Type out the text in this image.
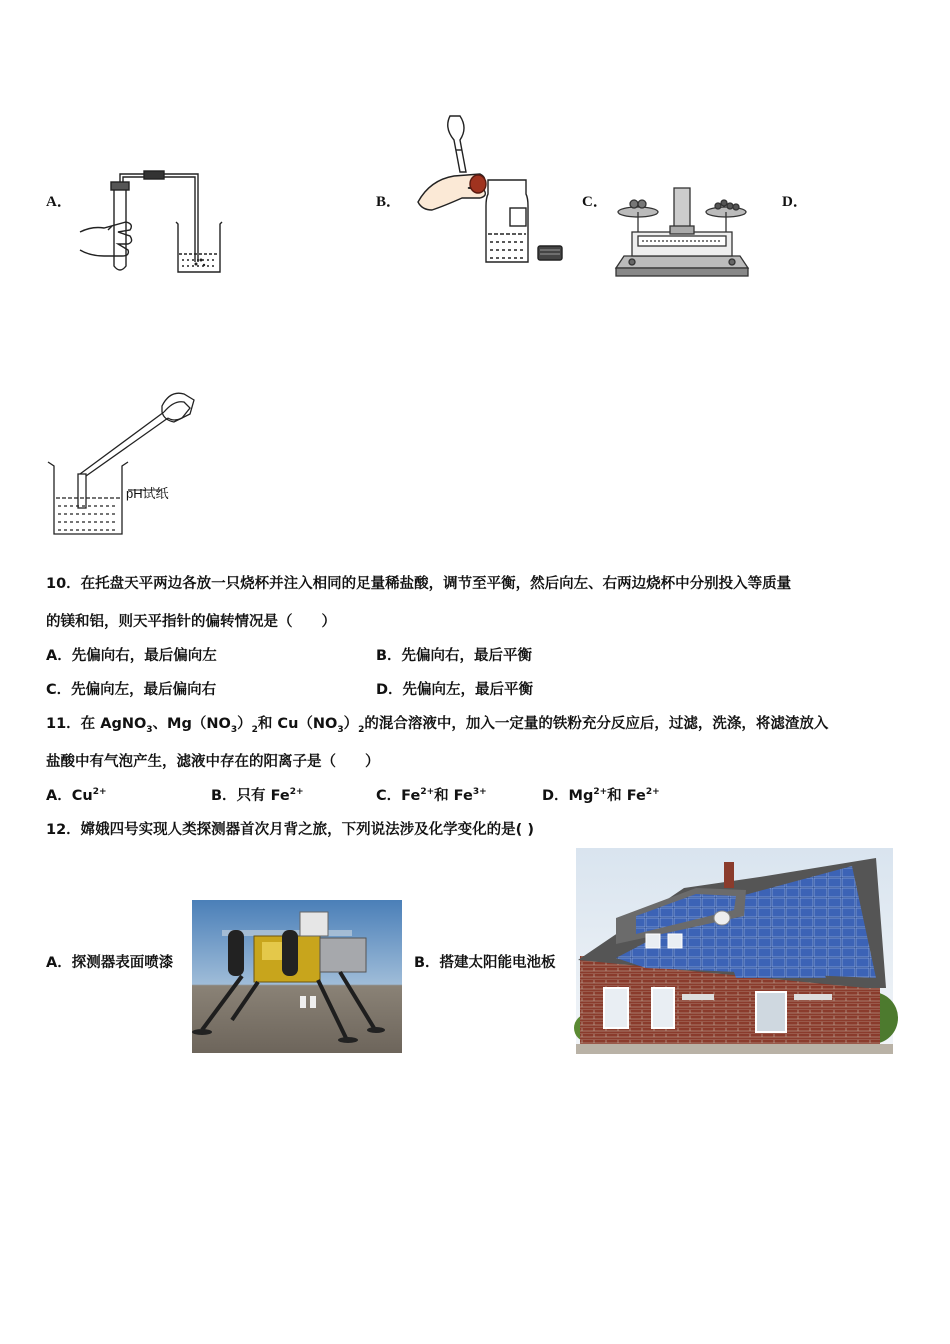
A．	B．	C．	D．
pH试纸
10．在托盘天平两边各放一只烧杯并注入相同的足量稀盐酸，调节至平衡，然后向左、右两边烧杯中分别投入等质量
的镁和铝，则天平指针的偏转情况是（　　）
A．先偏向右，最后偏向左	B．先偏向右，最后平衡
C．先偏向左，最后偏向右	D．先偏向左，最后平衡
11．在 AgNO$_3$、$Mg(NO_3)_2$和 $Cu(NO_3)_2$的混合溶液中，加入一定量的铁粉充分反应后，过滤，洗涤，将滤渣放入
盐酸中有气泡产生，滤液中存在的阳离子是（　　）
A．$Cu^{2+}$	B．只有 $Fe^{2+}$	C．$Fe^{2+}$和 $Fe^{3+}$	D．$Mg^{2+}$和 $Fe^{2+}$
12．嫦娥四号实现人类探测器首次月背之旅，下列说法涉及化学变化的是( )
A．探测器表面喷漆	B．搭建太阳能电池板
